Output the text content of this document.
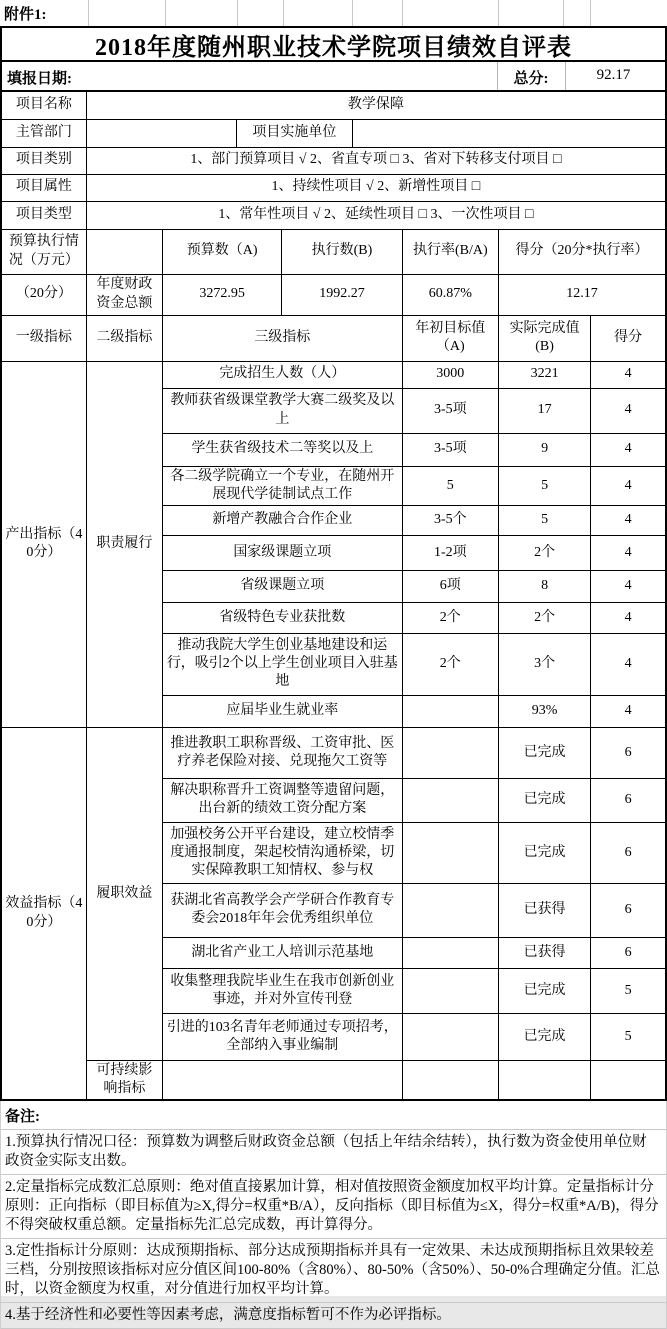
附件1:
2018年度随州职业技术学院项目绩效自评表
填报日期:	总分:	92.17
项目名称	教学保障							
主管部门			项目实施单位					
项目类别	1、部门预算项目 √ 2、省直专项 □ 3、省对下转移支付项目 □							
项目属性	1、持续性项目 √ 2、新增性项目 □							
项目类型	1、常年性项目 √ 2、延续性项目 □ 3、一次性项目 □							
预算执行情况（万元）		预算数（A)		执行数(B)		执行率(B/A)	得分（20分*执行率）	
（20分）	年度财政资金总额	3272.95		1992.27		60.87%	12.17	
一级指标	二级指标	三级指标				年初目标值（A)	实际完成值(B)	得分
产出指标（40分）	职责履行	完成招生人数（人）				3000	3221	4
		教师获省级课堂教学大赛二级奖及以上				3-5项	17	4
		学生获省级技术二等奖以及上				3-5项	9	4
		各二级学院确立一个专业，在随州开展现代学徒制试点工作				5	5	4
		新增产教融合合作企业				3-5个	5	4
		国家级课题立项				1-2项	2个	4
		省级课题立项				6项	8	4
		省级特色专业获批数				2个	2个	4
		推动我院大学生创业基地建设和运行，吸引2个以上学生创业项目入驻基地				2个	3个	4
		应届毕业生就业率					93%	4
效益指标（40分）	履职效益	推进教职工职称晋级、工资审批、医疗养老保险对接、兑现拖欠工资等					已完成	6
		解决职称晋升工资调整等遗留问题，出台新的绩效工资分配方案					已完成	6
		加强校务公开平台建设，建立校情季度通报制度，架起校情沟通桥梁，切实保障教职工知情权、参与权					已完成	6
		获湖北省高教学会产学研合作教育专委会2018年年会优秀组织单位					已获得	6
		湖北省产业工人培训示范基地					已获得	6
		收集整理我院毕业生在我市创新创业事迹，并对外宣传刊登					已完成	5
		引进的103名青年老师通过专项招考，全部纳入事业编制					已完成	5
	可持续影响指标							
备注:
1.预算执行情况口径：预算数为调整后财政资金总额（包括上年结余结转），执行数为资金使用单位财政资金实际支出数。
2.定量指标完成数汇总原则：绝对值直接累加计算，相对值按照资金额度加权平均计算。定量指标计分原则：正向指标（即目标值为≥X,得分=权重*B/A），反向指标（即目标值为≤X，得分=权重*A/B)，得分不得突破权重总额。定量指标先汇总完成数，再计算得分。
3.定性指标计分原则：达成预期指标、部分达成预期指标并具有一定效果、未达成预期指标且效果较差三档，分别按照该指标对应分值区间100-80%（含80%）、80-50%（含50%）、50-0%合理确定分值。汇总时，以资金额度为权重，对分值进行加权平均计算。
4.基于经济性和必要性等因素考虑，满意度指标暂可不作为必评指标。
